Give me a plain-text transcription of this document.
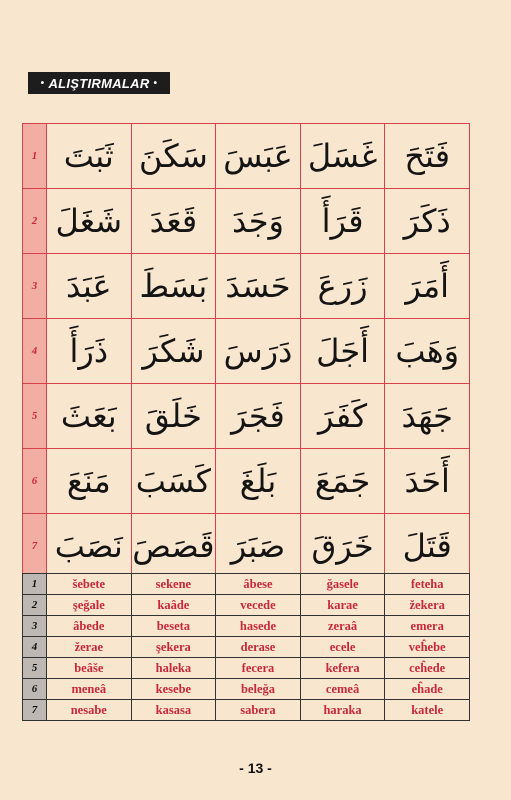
• ALIŞTIRMALAR •
1	ثَبَتَ	سَكَنَ	عَبَسَ	غَسَلَ	فَتَحَ
2	شَغَلَ	قَعَدَ	وَجَدَ	قَرَأَ	ذَكَرَ
3	عَبَدَ	بَسَطَ	حَسَدَ	زَرَعَ	أَمَرَ
4	ذَرَأَ	شَكَرَ	دَرَسَ	أَجَلَ	وَهَبَ
5	بَعَثَ	خَلَقَ	فَجَرَ	كَفَرَ	جَهَدَ
6	مَنَعَ	كَسَبَ	بَلَغَ	جَمَعَ	أَحَدَ
7	نَصَبَ	قَصَصَ	صَبَرَ	خَرَقَ	قَتَلَ
1	šebete	sekene	âbese	ğasele	feteha
2	şeğale	kaâde	vecede	karae	žekera
3	âbede	beseta	hasede	zeraâ	emera
4	žerae	şekera	derase	ecele	veĥebe
5	beâše	haleka	fecera	kefera	ceĥede
6	meneâ	kesebe	beleğa	cemeâ	eĥade
7	nesabe	kasasa	sabera	haraka	katele
- 13 -
